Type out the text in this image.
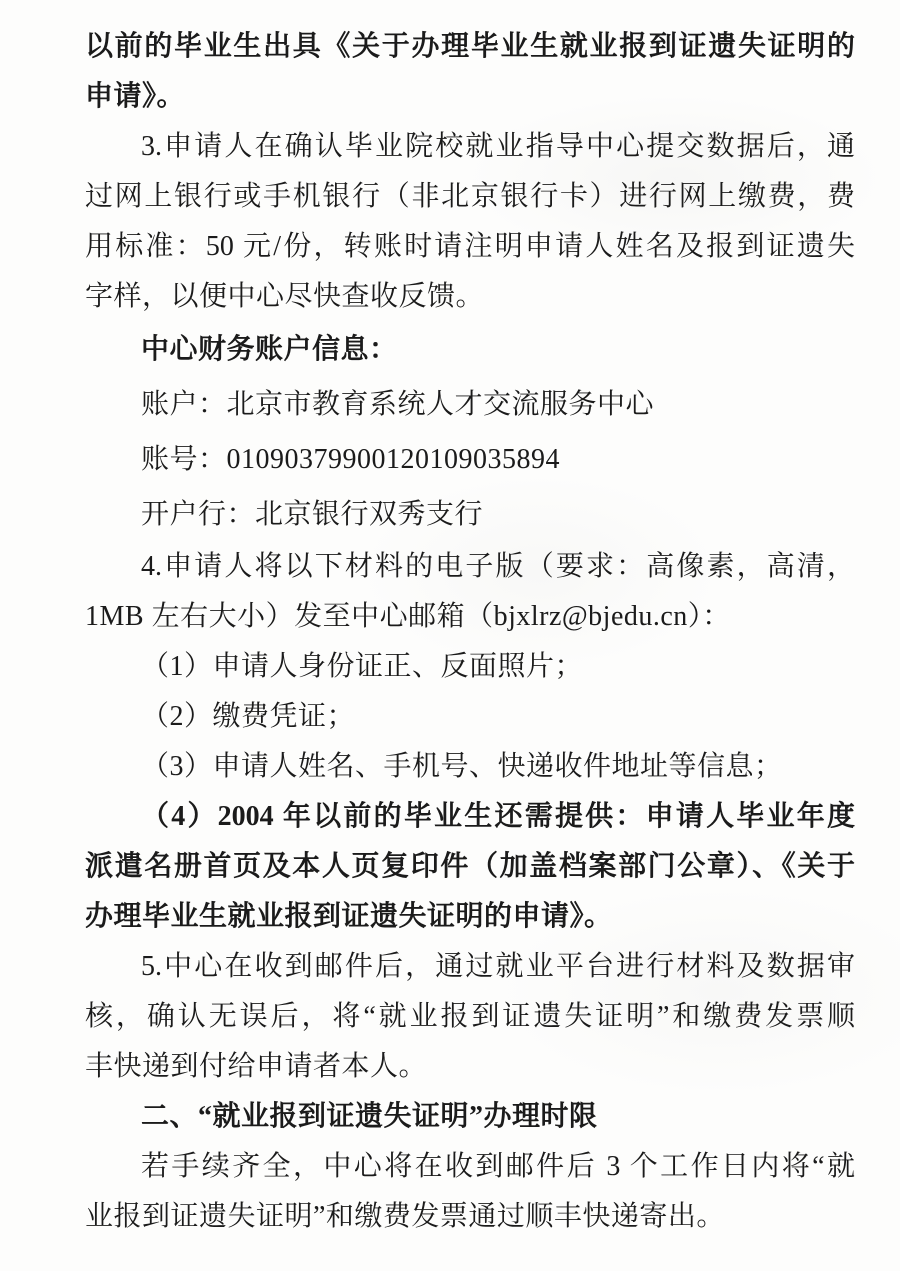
以前的毕业生出具《关于办理毕业生就业报到证遗失证明的
申请》。
3.申请人在确认毕业院校就业指导中心提交数据后，通
过网上银行或手机银行（非北京银行卡）进行网上缴费，费
用标准：50 元/份，转账时请注明申请人姓名及报到证遗失
字样，以便中心尽快查收反馈。
中心财务账户信息：
账户：北京市教育系统人才交流服务中心
账号：01090379900120109035894
开户行：北京银行双秀支行
4.申请人将以下材料的电子版（要求：高像素，高清，
1MB 左右大小）发至中心邮箱（bjxlrz@bjedu.cn）：
（1）申请人身份证正、反面照片；
（2）缴费凭证；
（3）申请人姓名、手机号、快递收件地址等信息；
（4）2004 年以前的毕业生还需提供：申请人毕业年度
派遣名册首页及本人页复印件（加盖档案部门公章）、《关于
办理毕业生就业报到证遗失证明的申请》。
5.中心在收到邮件后，通过就业平台进行材料及数据审
核，确认无误后，将“就业报到证遗失证明”和缴费发票顺
丰快递到付给申请者本人。
二、“就业报到证遗失证明”办理时限
若手续齐全，中心将在收到邮件后 3 个工作日内将“就
业报到证遗失证明”和缴费发票通过顺丰快递寄出。
